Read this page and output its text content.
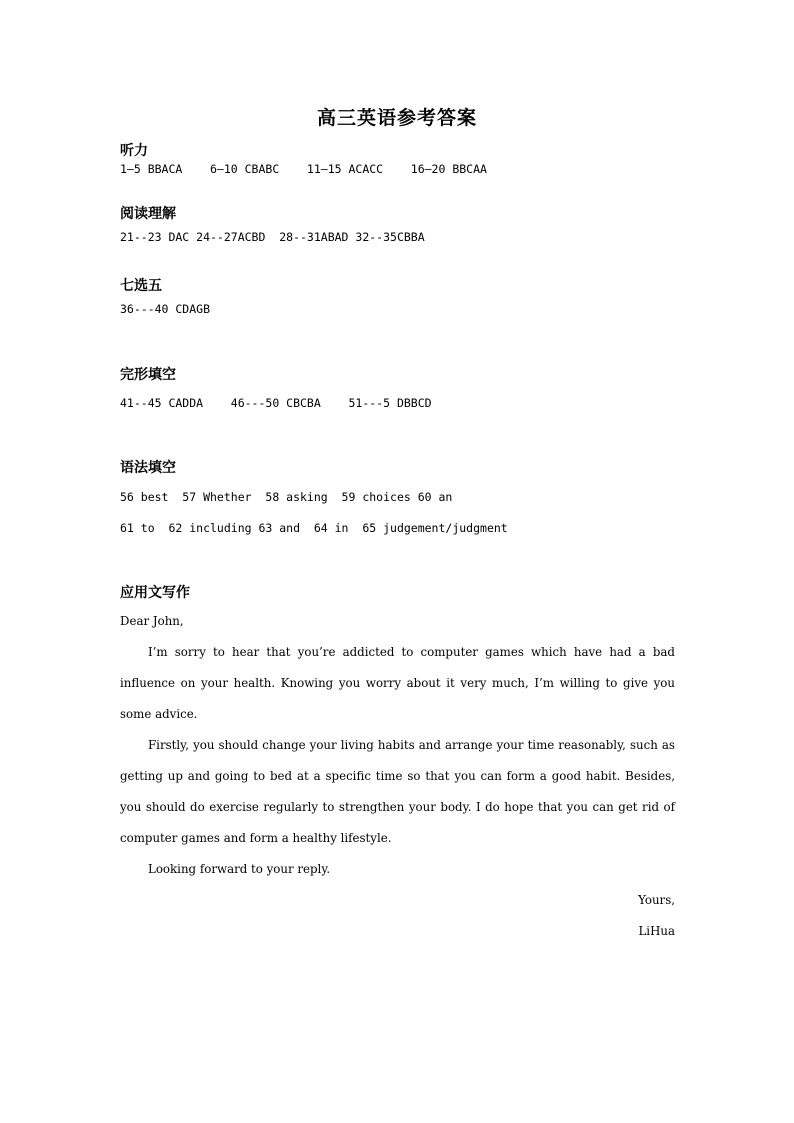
高三英语参考答案
听力
1—5 BBACA    6—10 CBABC    11—15 ACACC    16—20 BBCAA
阅读理解
21--23 DAC 24--27ACBD  28--31ABAD 32--35CBBA
七选五
36---40 CDAGB
完形填空
41--45 CADDA    46---50 CBCBA    51---5 DBBCD
语法填空
56 best  57 Whether  58 asking  59 choices 60 an
61 to  62 including 63 and  64 in  65 judgement/judgment
应用文写作

Dear John,

I’m sorry to hear that you’re addicted to computer games which have had a bad influence on your health. Knowing you worry about it very much, I’m willing to give you some advice.

Firstly, you should change your living habits and arrange your time reasonably, such as getting up and going to bed at a specific time so that you can form a good habit. Besides, you should do exercise regularly to strengthen your body. I do hope that you can get rid of computer games and form a healthy lifestyle.

Looking forward to your reply.

Yours,

LiHua
